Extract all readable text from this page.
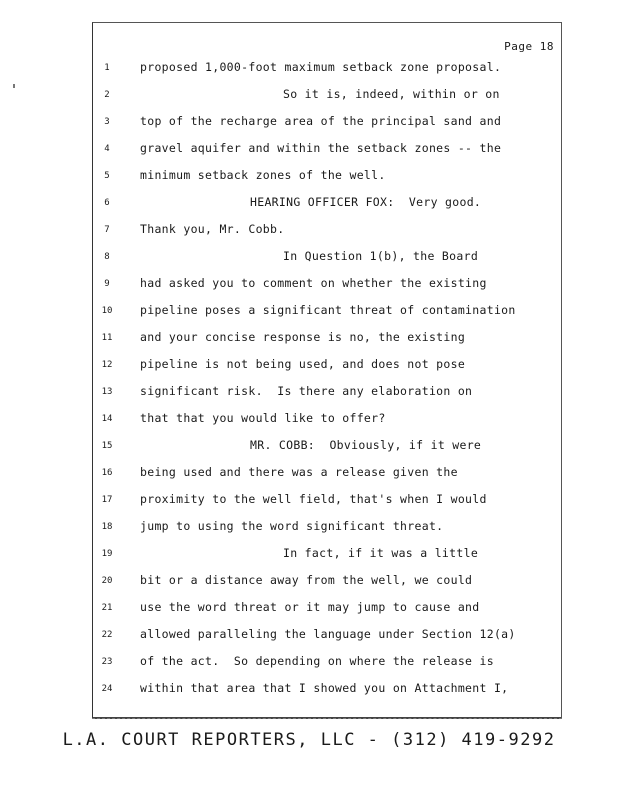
Page 18
1	proposed 1,000-foot maximum setback zone proposal.
2	So it is, indeed, within or on
3	top of the recharge area of the principal sand and
4	gravel aquifer and within the setback zones -- the
5	minimum setback zones of the well.
6	HEARING OFFICER FOX:  Very good.
7	Thank you, Mr. Cobb.
8	In Question 1(b), the Board
9	had asked you to comment on whether the existing
10	pipeline poses a significant threat of contamination
11	and your concise response is no, the existing
12	pipeline is not being used, and does not pose
13	significant risk.  Is there any elaboration on
14	that that you would like to offer?
15	MR. COBB:  Obviously, if it were
16	being used and there was a release given the
17	proximity to the well field, that's when I would
18	jump to using the word significant threat.
19	In fact, if it was a little
20	bit or a distance away from the well, we could
21	use the word threat or it may jump to cause and
22	allowed paralleling the language under Section 12(a)
23	of the act.  So depending on where the release is
24	within that area that I showed you on Attachment I,
L.A. COURT REPORTERS, LLC - (312) 419-9292
